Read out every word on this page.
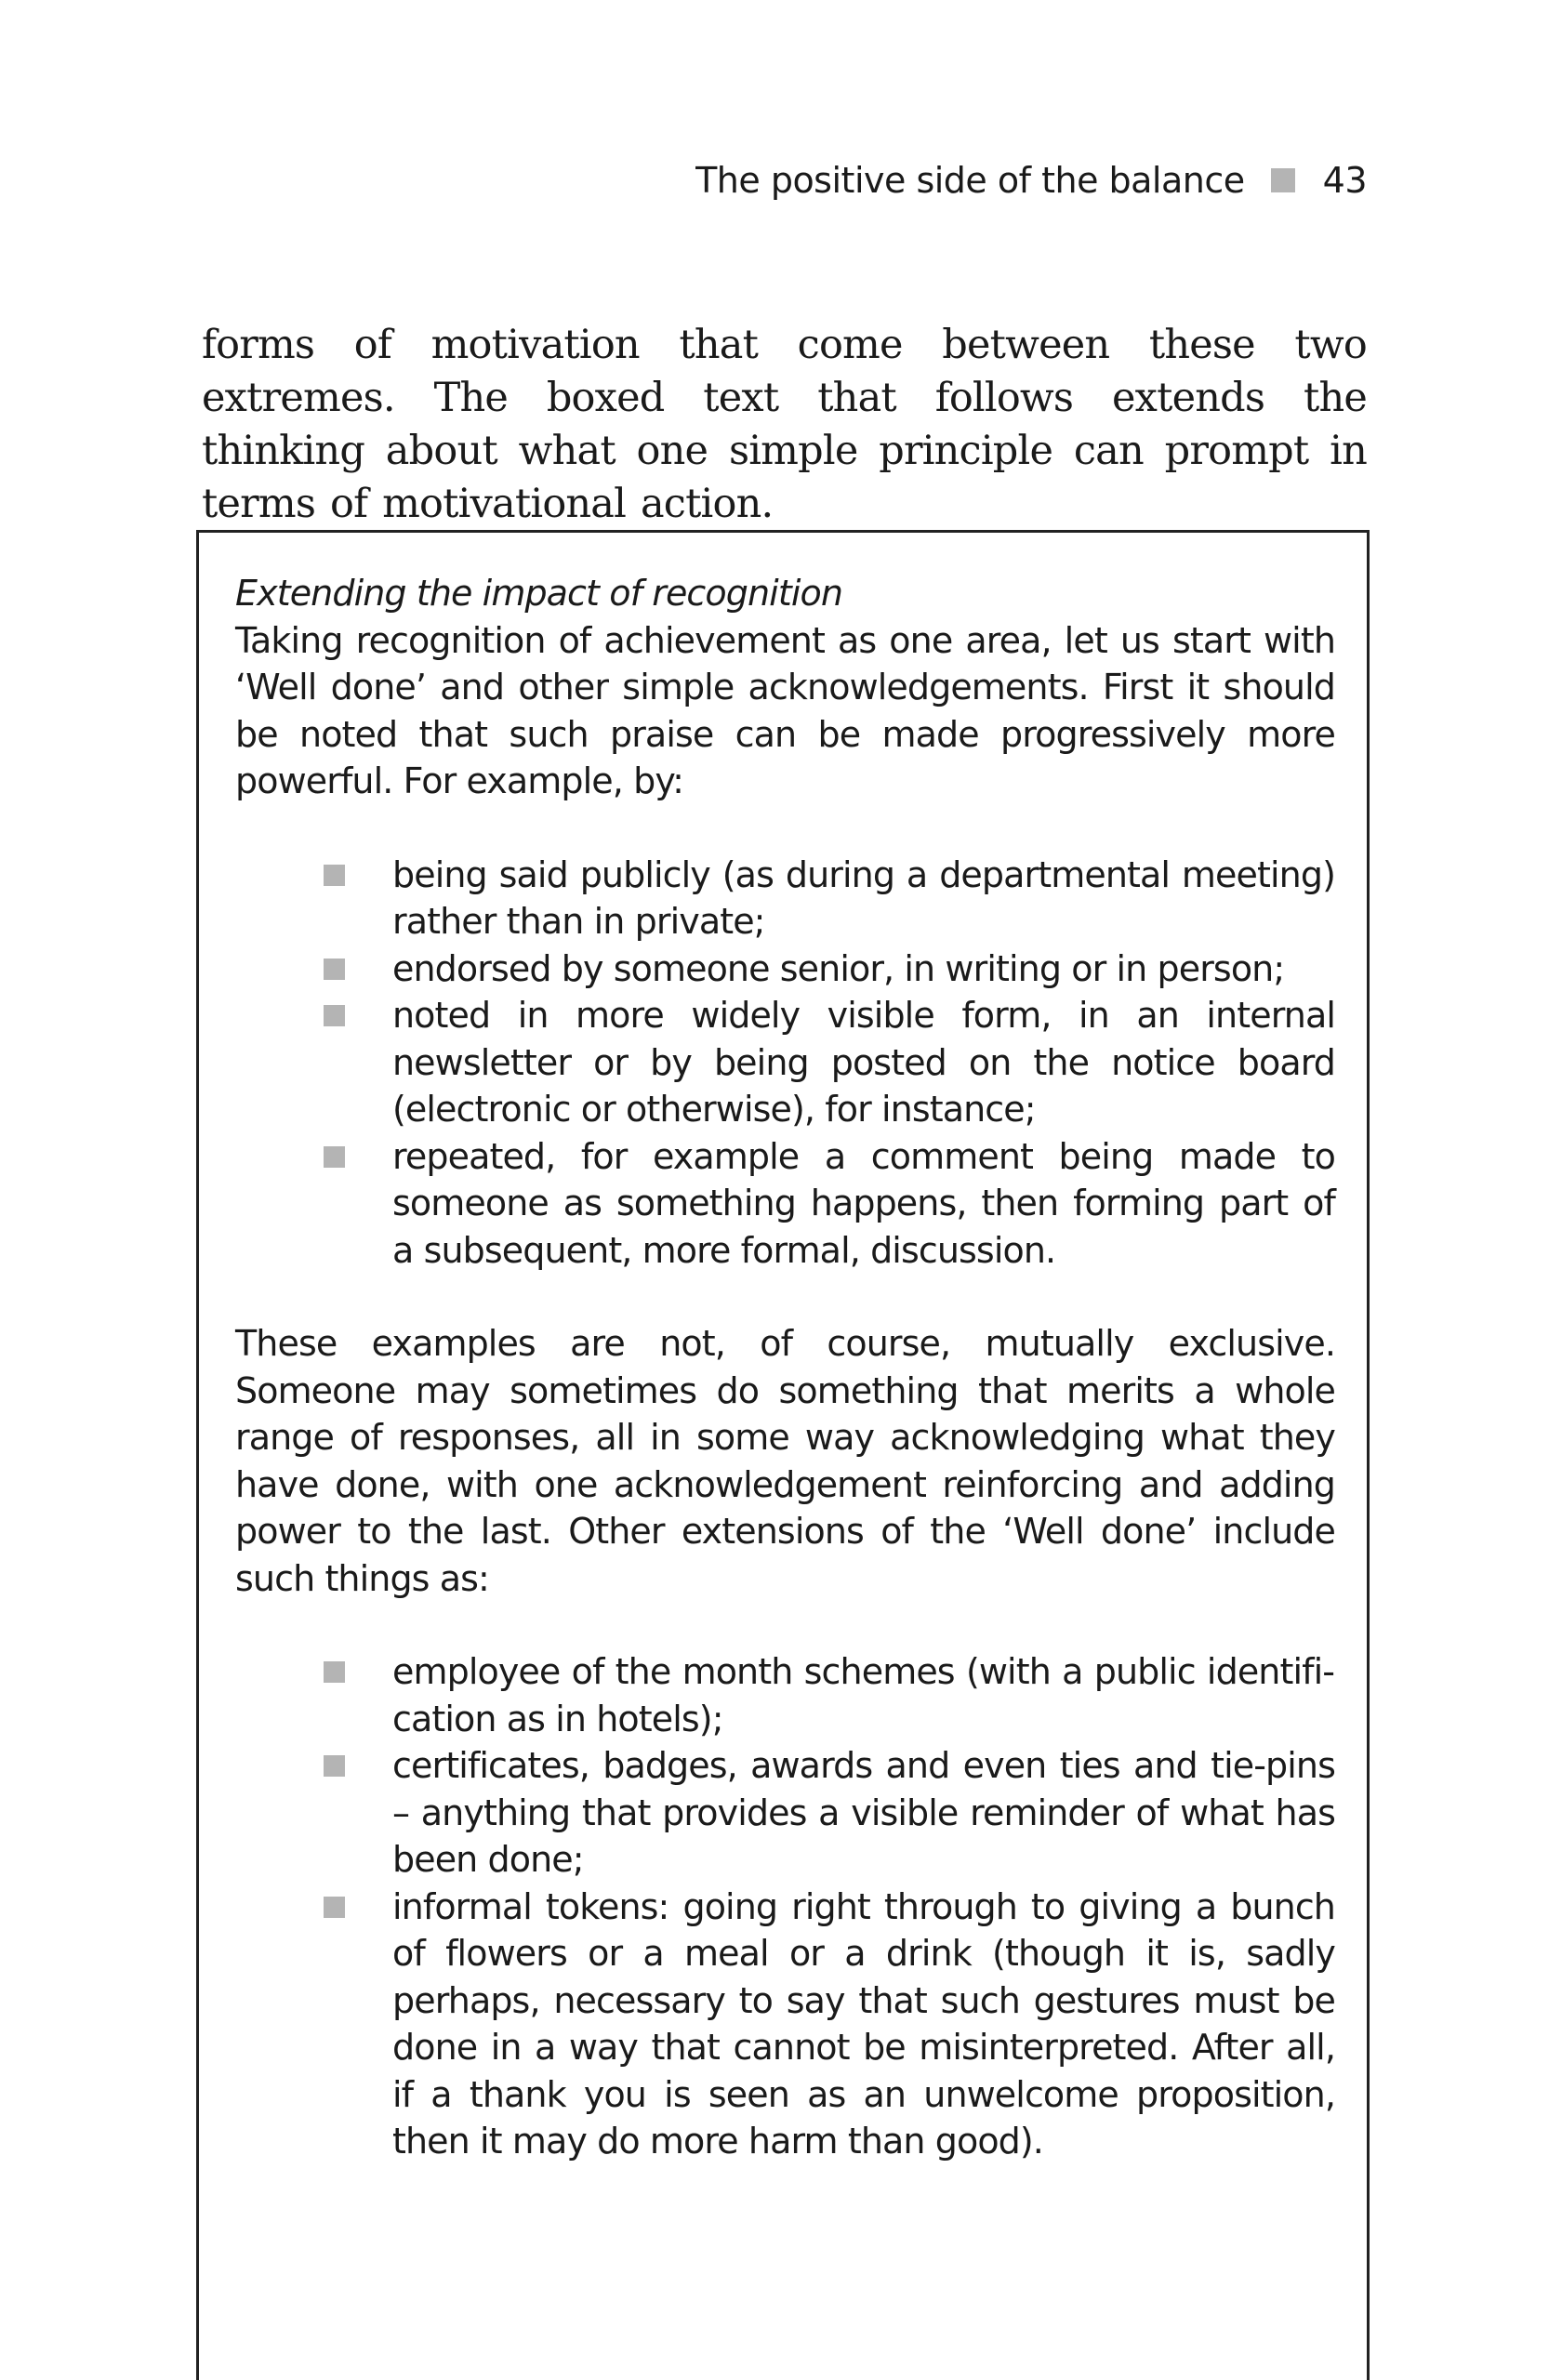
The positive side of the balance 43

forms of motivation that come between these two extremes. The boxed text that follows extends the thinking about what one simple principle can prompt in terms of motivational action.

Extending the impact of recognition

Taking recognition of achievement as one area, let us start with ‘Well done’ and other simple acknowledgements. First it should be noted that such praise can be made progressively more powerful. For example, by:

being said publicly (as during a departmental meeting) rather than in private;
endorsed by someone senior, in writing or in person;
noted in more widely visible form, in an internal newsletter or by being posted on the notice board (electronic or otherwise), for instance;
repeated, for example a comment being made to someone as something happens, then forming part of a subsequent, more formal, discussion.

These examples are not, of course, mutually exclusive. Someone may sometimes do something that merits a whole range of responses, all in some way acknowledging what they have done, with one acknowledgement reinforcing and adding power to the last. Other extensions of the ‘Well done’ include such things as:

employee of the month schemes (with a public identification as in hotels);
certificates, badges, awards and even ties and tie-pins – anything that provides a visible reminder of what has been done;
informal tokens: going right through to giving a bunch of flowers or a meal or a drink (though it is, sadly perhaps, necessary to say that such gestures must be done in a way that cannot be misinterpreted. After all, if a thank you is seen as an unwelcome proposition, then it may do more harm than good).
